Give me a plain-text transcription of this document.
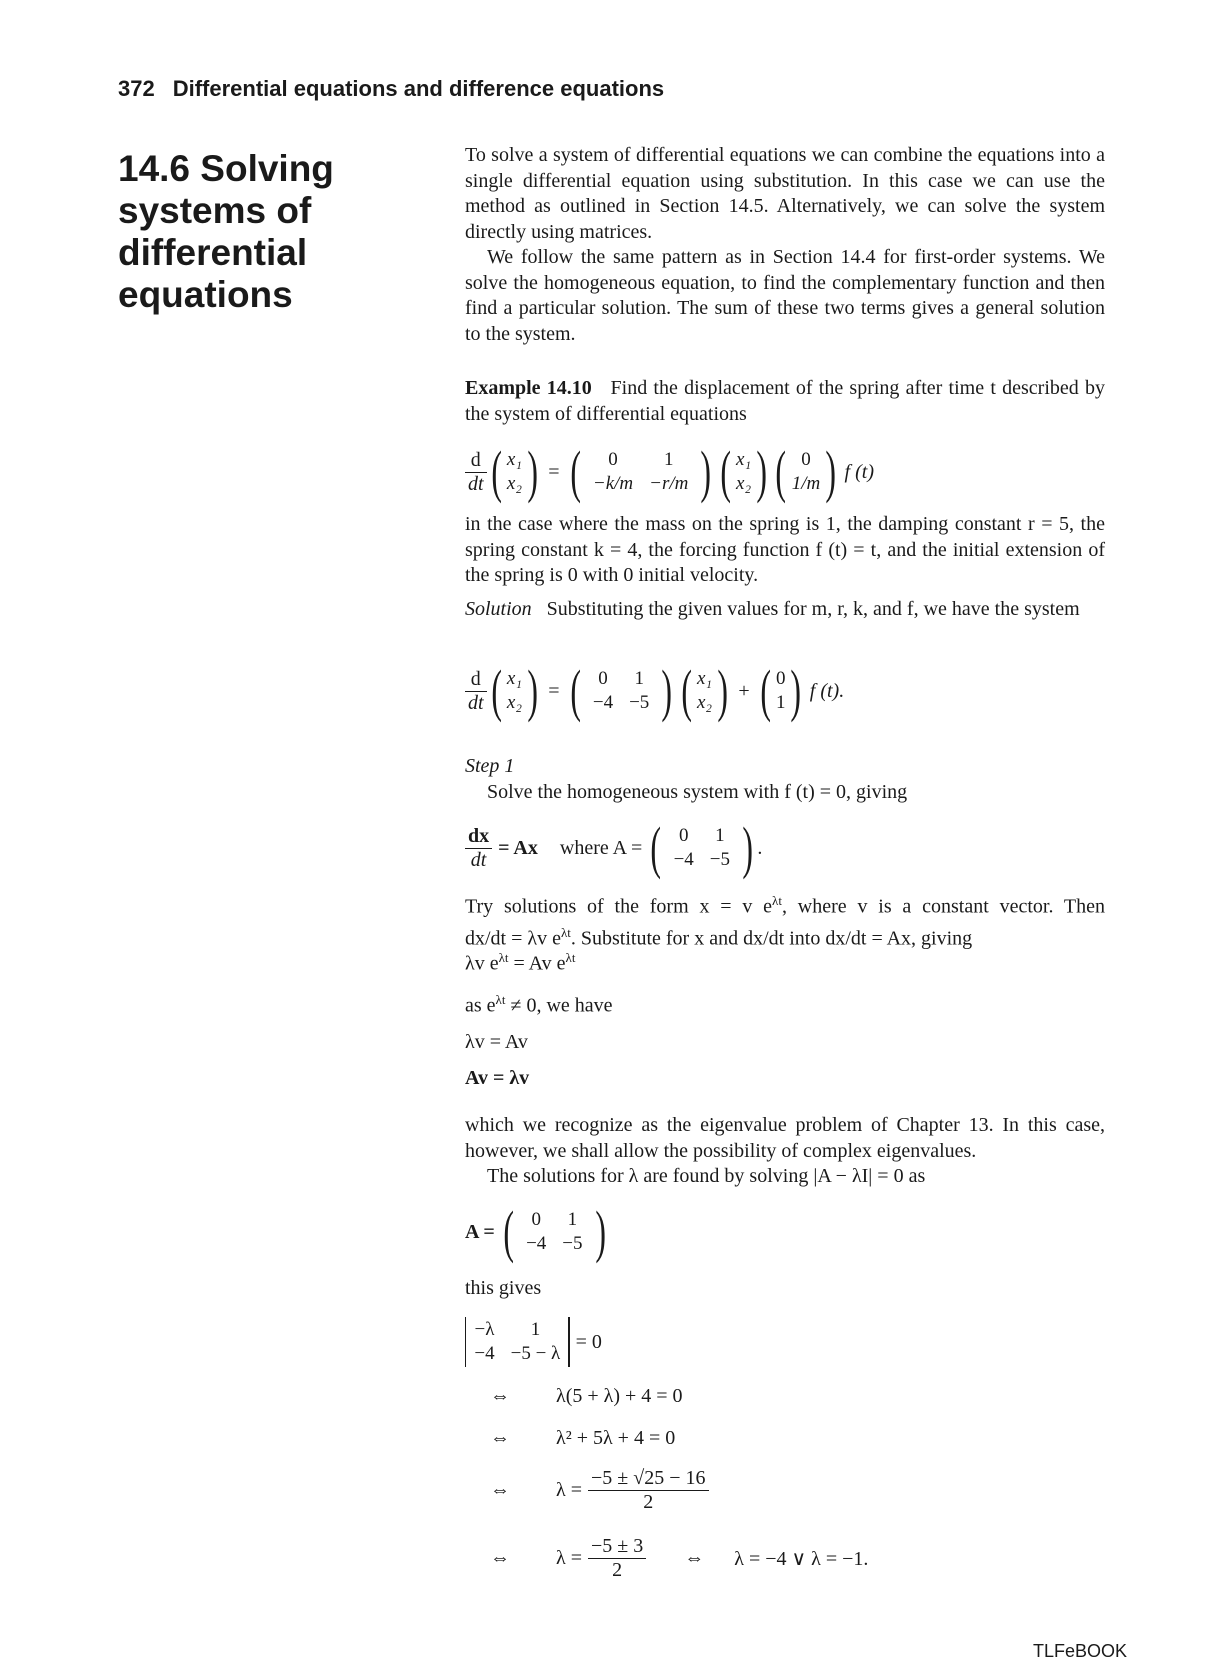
372 Differential equations and difference equations
14.6 Solving systems of differential equations

To solve a system of differential equations we can combine the equations into a single differential equation using substitution. In this case we can use the method as outlined in Section 14.5. Alternatively, we can solve the system directly using matrices.

We follow the same pattern as in Section 14.4 for first-order systems. We solve the homogeneous equation, to find the complementary function and then find a particular solution. The sum of these two terms gives a general solution to the system.

Example 14.10 Find the displacement of the spring after time t described by the system of differential equations

$\frac{d}{dt}$ ( x₁
x₂ ) = ( 0	1
−k/m	−r/m ) ( x₁
x₂ ) ( 0
1/m ) f (t)

in the case where the mass on the spring is 1, the damping constant r = 5, the spring constant k = 4, the forcing function f (t) = t, and the initial extension of the spring is 0 with 0 initial velocity.

Solution Substituting the given values for m, r, k, and f, we have the system

$\frac{d}{dt}$ ( x₁
x₂ ) = ( 0	1
−4	−5 ) ( x₁
x₂ ) + ( 0
1 ) f (t).

Step 1

Solve the homogeneous system with f (t) = 0, giving

$\frac{dx}{dt} = Ax$ where A = ( 0	1
−4	−5 ) .

Try solutions of the form x = v $e^{\lambda t}$, where v is a constant vector. Then

dx/dt = λv $e^{\lambda t}$. Substitute for x and dx/dt into dx/dt = Ax, giving

λv $e^{\lambda t} = Av$ $e^{\lambda t}$
as $e^{\lambda t} \ne 0$, we have
λv = Av
Av = λv

which we recognize as the eigenvalue problem of Chapter 13. In this case, however, we shall allow the possibility of complex eigenvalues.

The solutions for λ are found by solving |A − λI| = 0 as

A = ( 0	1
−4	−5 )
this gives
−λ	1
−4	−5 − λ
= 0
⇔	λ(5 + λ) + 4 = 0
⇔	λ² + 5λ + 4 = 0
⇔	$\lambda = \frac{-5 \pm √25 - 16}{2}$
⇔	$\lambda = \frac{-5 \pm 3}{2}$ ⇔	λ = −4 ∨ λ = −1.
TLFeBOOK
